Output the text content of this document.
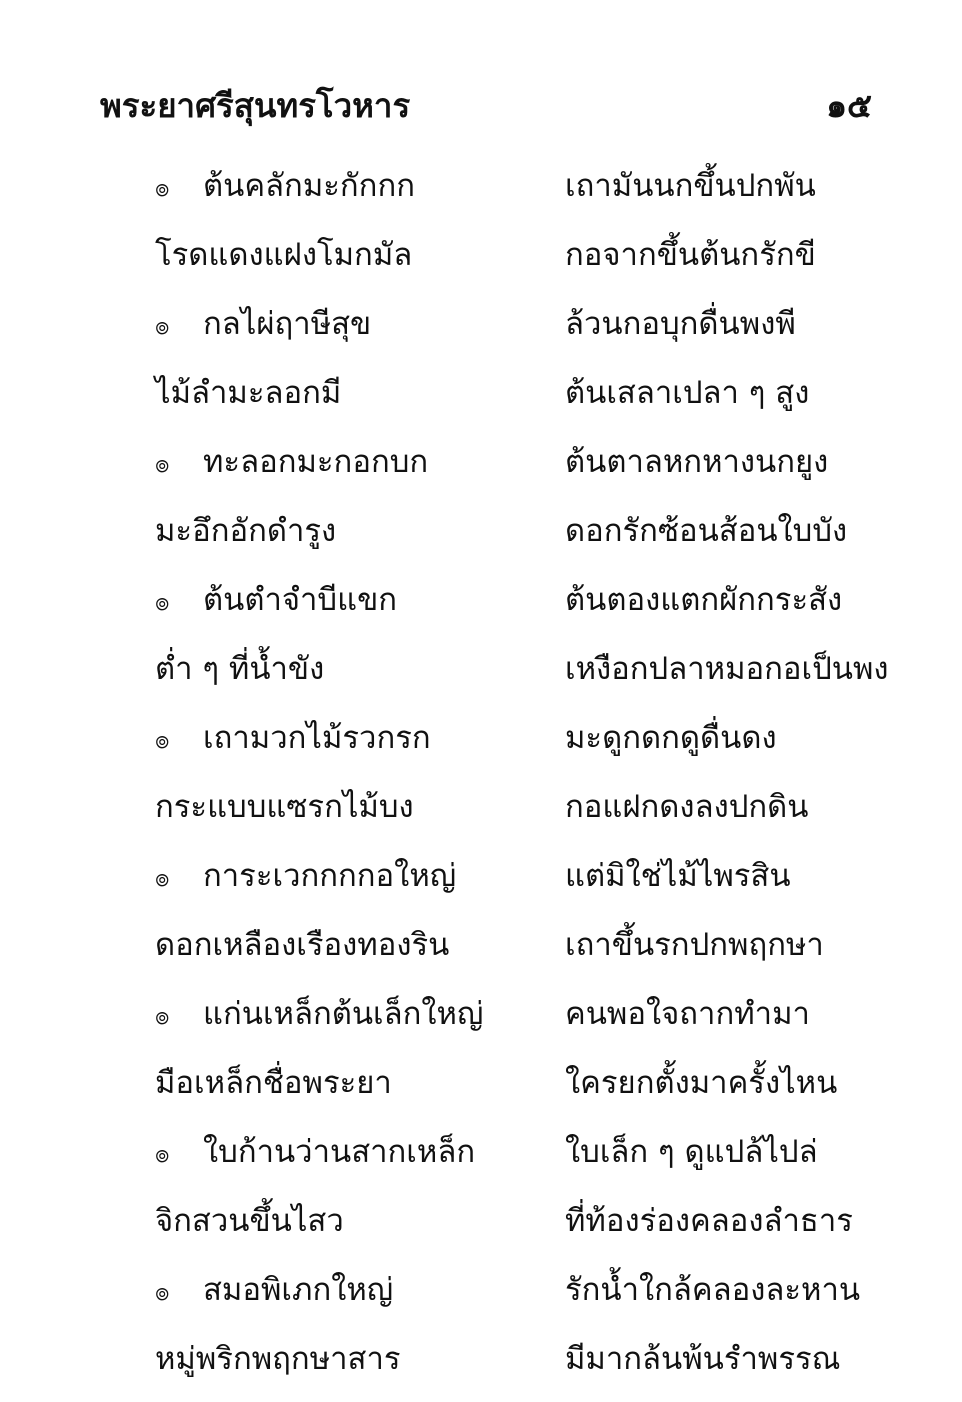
พระยาศรีสุนทรโวหาร	๑๕
๏ ต้นคลักมะกักกก	เถามันนกขึ้นปกพัน
โรดแดงแฝงโมกมัล	กอจากขึ้นต้นกรักขี
๏ กลไผ่ฤาษีสุข	ล้วนกอบุกดื่นพงพี
ไม้ลำมะลอกมี	ต้นเสลาเปลา ๆ สูง
๏ ทะลอกมะกอกบก	ต้นตาลหกหางนกยูง
มะอึกอักดำรูง	ดอกรักซ้อนส้อนใบบัง
๏ ต้นตำจำบีแขก	ต้นตองแตกผักกระสัง
ต่ำ ๆ ที่น้ำขัง	เหงือกปลาหมอกอเป็นพง
๏ เถามวกไม้รวกรก	มะดูกดกดูดื่นดง
กระแบบแซรกไม้บง	กอแฝกดงลงปกดิน
๏ การะเวกกกกอใหญ่	แต่มิใช่ไม้ไพรสิน
ดอกเหลืองเรืองทองริน	เถาขึ้นรกปกพฤกษา
๏ แก่นเหล็กต้นเล็กใหญ่	คนพอใจถากทำมา
มือเหล็กชื่อพระยา	ใครยกตั้งมาครั้งไหน
๏ ใบก้านว่านสากเหล็ก	ใบเล็ก ๆ ดูแปล้ไปล่
จิกสวนขึ้นไสว	ที่ท้องร่องคลองลำธาร
๏ สมอพิเภกใหญ่	รักน้ำใกล้คลองละหาน
หมู่พริกพฤกษาสาร	มีมากล้นพ้นรำพรรณ
